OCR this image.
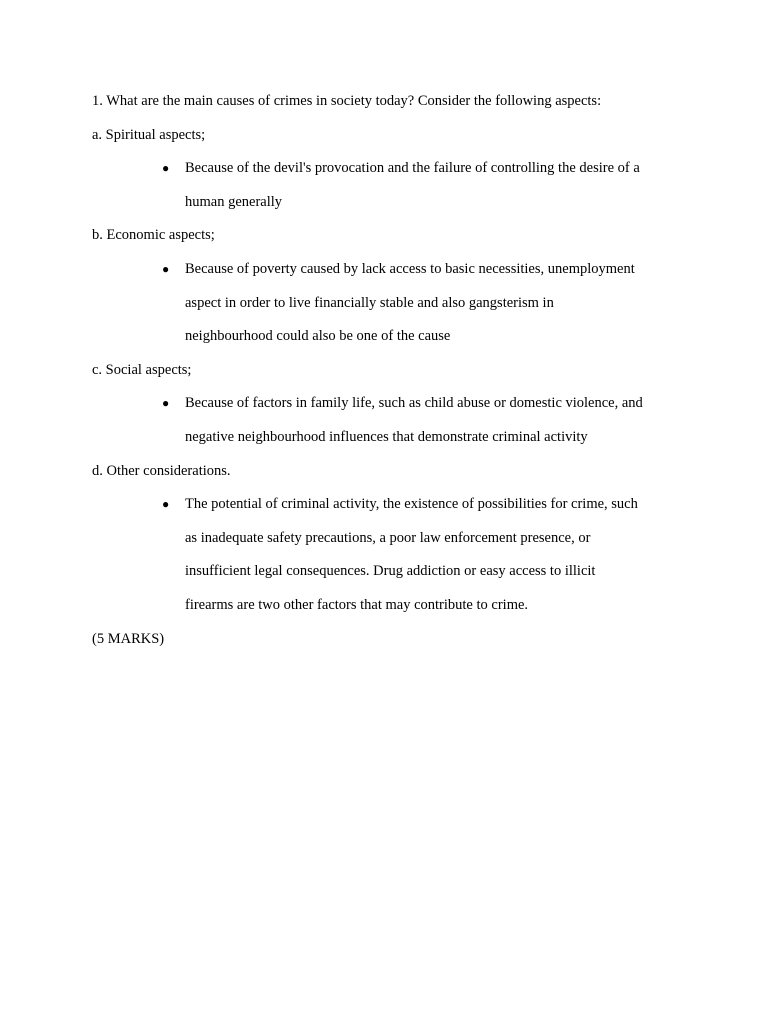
1. What are the main causes of crimes in society today? Consider the following aspects:
a. Spiritual aspects;
● Because of the devil's provocation and the failure of controlling the desire of a
human generally
b. Economic aspects;
● Because of poverty caused by lack access to basic necessities, unemployment
aspect in order to live financially stable and also gangsterism in
neighbourhood could also be one of the cause
c. Social aspects;
● Because of factors in family life, such as child abuse or domestic violence, and
negative neighbourhood influences that demonstrate criminal activity
d. Other considerations.
● The potential of criminal activity, the existence of possibilities for crime, such
as inadequate safety precautions, a poor law enforcement presence, or
insufficient legal consequences. Drug addiction or easy access to illicit
firearms are two other factors that may contribute to crime.
(5 MARKS)
